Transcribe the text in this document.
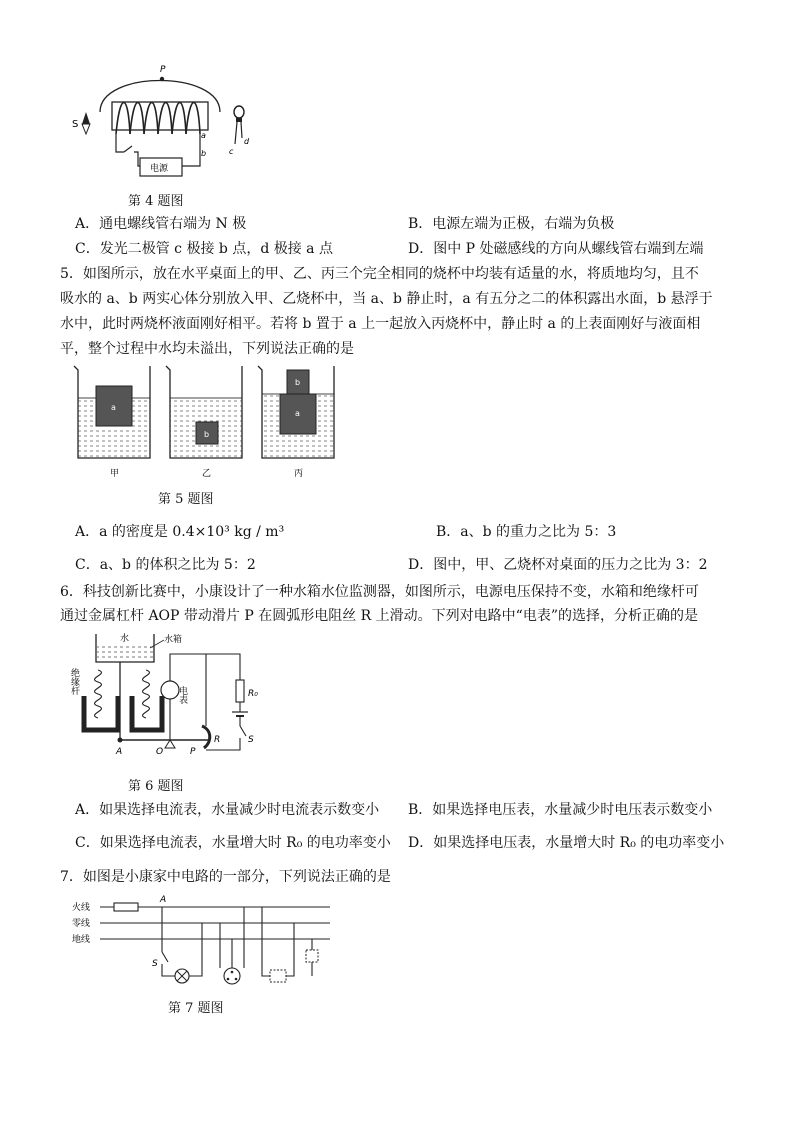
P
S
电源
a
b	c
d
第 4 题图
A．通电螺线管右端为 N 极	B．电源左端为正极，右端为负极
C．发光二极管 c 极接 b 点，d 极接 a 点	D．图中 P 处磁感线的方向从螺线管右端到左端
5．如图所示，放在水平桌面上的甲、乙、丙三个完全相同的烧杯中均装有适量的水，将质地均匀，且不
吸水的 a、b 两实心体分别放入甲、乙烧杯中，当 a、b 静止时，a 有五分之二的体积露出水面，b 悬浮于
水中，此时两烧杯液面刚好相平。若将 b 置于 a 上一起放入丙烧杯中，静止时 a 的上表面刚好与液面相
平，整个过程中水均未溢出，下列说法正确的是
a
b
a
b
甲	乙	丙
第 5 题图
A．a 的密度是 0.4×10³ kg / m³	B．a、b 的重力之比为 5：3
C．a、b 的体积之比为 5：2	D．图中，甲、乙烧杯对桌面的压力之比为 3：2
6．科技创新比赛中，小康设计了一种水箱水位监测器，如图所示，电源电压保持不变，水箱和绝缘杆可
通过金属杠杆 AOP 带动滑片 P 在圆弧形电阻丝 R 上滑动。下列对电路中“电表”的选择，分析正确的是
水	水箱
绝缘杆
A	O	P
电表
R
R₀
S
第 6 题图
A．如果选择电流表，水量减少时电流表示数变小 B．如果选择电压表，水量减少时电压表示数变小
C．如果选择电流表，水量增大时 R₀ 的电功率变小 D．如果选择电压表，水量增大时 R₀ 的电功率变小
7．如图是小康家中电路的一部分，下列说法正确的是
火线
零线
地线
A
S
第 7 题图
